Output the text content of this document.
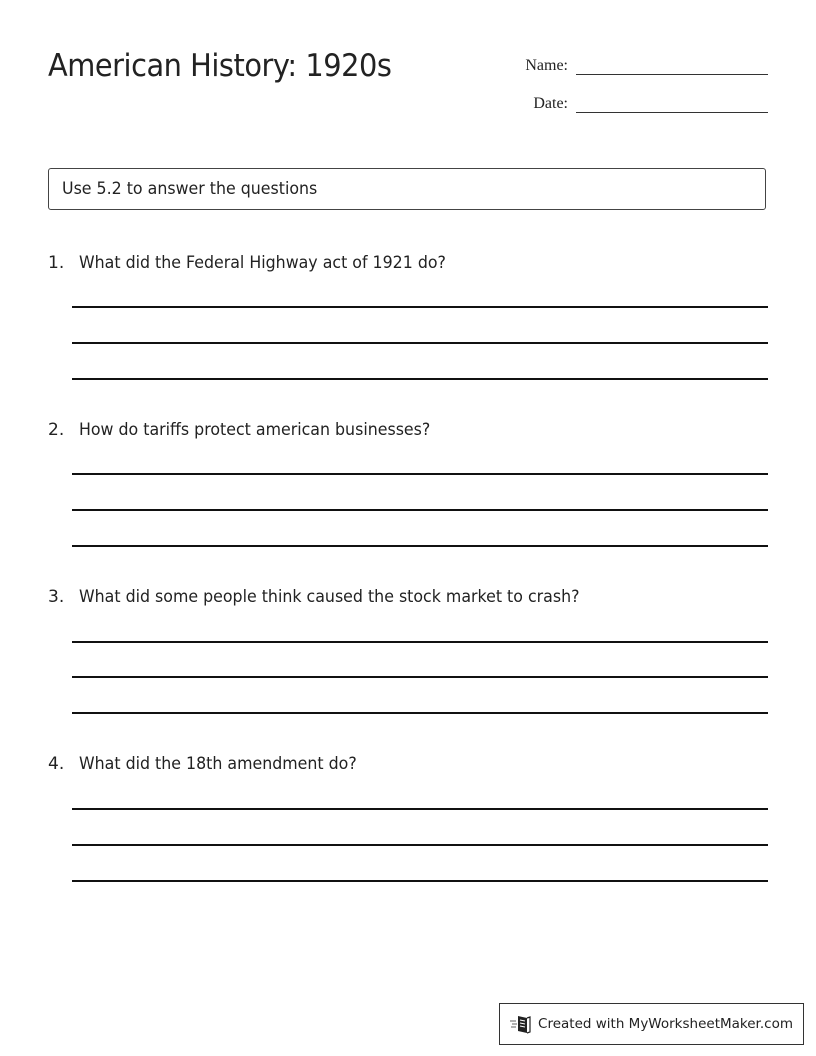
American History: 1920s	Name:
Date:
Use 5.2 to answer the questions
1. What did the Federal Highway act of 1921 do?
2. How do tariffs protect american businesses?
3. What did some people think caused the stock market to crash?
4. What did the 18th amendment do?
Created with MyWorksheetMaker.com
